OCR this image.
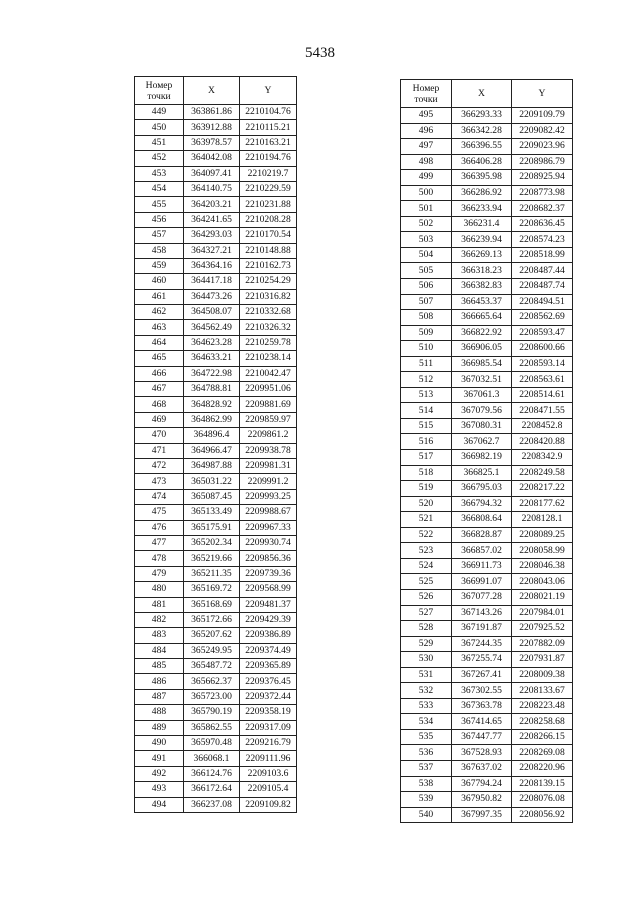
5438
Номер
точки	X	Y
449	363861.86	2210104.76
450	363912.88	2210115.21
451	363978.57	2210163.21
452	364042.08	2210194.76
453	364097.41	2210219.7
454	364140.75	2210229.59
455	364203.21	2210231.88
456	364241.65	2210208.28
457	364293.03	2210170.54
458	364327.21	2210148.88
459	364364.16	2210162.73
460	364417.18	2210254.29
461	364473.26	2210316.82
462	364508.07	2210332.68
463	364562.49	2210326.32
464	364623.28	2210259.78
465	364633.21	2210238.14
466	364722.98	2210042.47
467	364788.81	2209951.06
468	364828.92	2209881.69
469	364862.99	2209859.97
470	364896.4	2209861.2
471	364966.47	2209938.78
472	364987.88	2209981.31
473	365031.22	2209991.2
474	365087.45	2209993.25
475	365133.49	2209988.67
476	365175.91	2209967.33
477	365202.34	2209930.74
478	365219.66	2209856.36
479	365211.35	2209739.36
480	365169.72	2209568.99
481	365168.69	2209481.37
482	365172.66	2209429.39
483	365207.62	2209386.89
484	365249.95	2209374.49
485	365487.72	2209365.89
486	365662.37	2209376.45
487	365723.00	2209372.44
488	365790.19	2209358.19
489	365862.55	2209317.09
490	365970.48	2209216.79
491	366068.1	2209111.96
492	366124.76	2209103.6
493	366172.64	2209105.4
494	366237.08	2209109.82
Номер
точки	X	Y
495	366293.33	2209109.79
496	366342.28	2209082.42
497	366396.55	2209023.96
498	366406.28	2208986.79
499	366395.98	2208925.94
500	366286.92	2208773.98
501	366233.94	2208682.37
502	366231.4	2208636.45
503	366239.94	2208574.23
504	366269.13	2208518.99
505	366318.23	2208487.44
506	366382.83	2208487.74
507	366453.37	2208494.51
508	366665.64	2208562.69
509	366822.92	2208593.47
510	366906.05	2208600.66
511	366985.54	2208593.14
512	367032.51	2208563.61
513	367061.3	2208514.61
514	367079.56	2208471.55
515	367080.31	2208452.8
516	367062.7	2208420.88
517	366982.19	2208342.9
518	366825.1	2208249.58
519	366795.03	2208217.22
520	366794.32	2208177.62
521	366808.64	2208128.1
522	366828.87	2208089.25
523	366857.02	2208058.99
524	366911.73	2208046.38
525	366991.07	2208043.06
526	367077.28	2208021.19
527	367143.26	2207984.01
528	367191.87	2207925.52
529	367244.35	2207882.09
530	367255.74	2207931.87
531	367267.41	2208009.38
532	367302.55	2208133.67
533	367363.78	2208223.48
534	367414.65	2208258.68
535	367447.77	2208266.15
536	367528.93	2208269.08
537	367637.02	2208220.96
538	367794.24	2208139.15
539	367950.82	2208076.08
540	367997.35	2208056.92
